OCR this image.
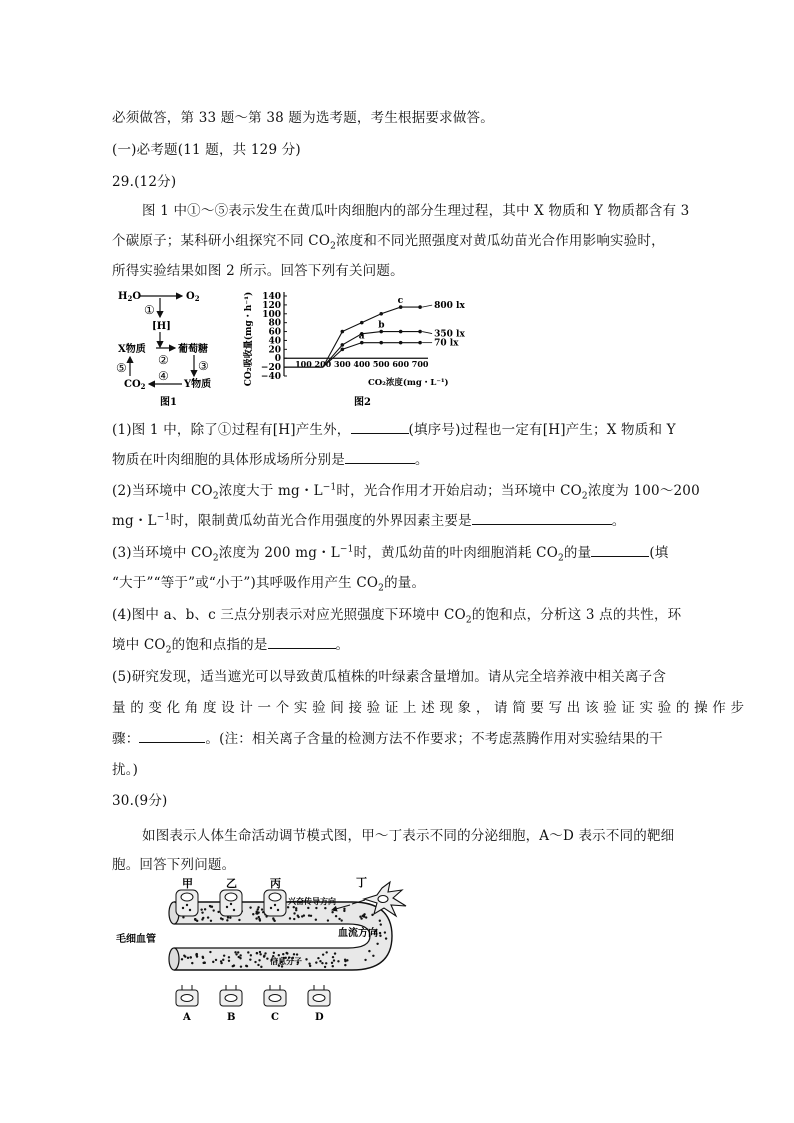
必须做答，第 33 题～第 38 题为选考题，考生根据要求做答。
(一)必考题(11 题，共 129 分)
29.(12分)
图 1 中①～⑤表示发生在黄瓜叶肉细胞内的部分生理过程，其中 X 物质和 Y 物质都含有 3
个碳原子；某科研小组探究不同 $CO_2$浓度和不同光照强度对黄瓜幼苗光合作用影响实验时，
所得实验结果如图 2 所示。回答下列有关问题。
$H_2O$	$O_2$
①
[H]
X物质	葡萄糖
② ③
⑤
④
$CO_2$	Y物质
图1
CO₂吸收量(mg・h⁻¹) 140
120
100
80
60
40
20
0
−20
−40
100 200 300 400 500 600 700
c
b
a
800 lx
350 lx
70 lx
CO₂浓度(mg・L⁻¹)
图2
(1)图 1 中，除了①过程有[H]产生外，	(填序号)过程也一定有[H]产生；X 物质和 Y
物质在叶肉细胞的具体形成场所分别是	。
(2)当环境中 $CO_2$浓度大于 mg・$L^{-1}$时，光合作用才开始启动；当环境中 $CO_2$浓度为 100～200
mg・$L^{-1}$时，限制黄瓜幼苗光合作用强度的外界因素主要是	。
(3)当环境中 $CO_2$浓度为 200 mg・$L^{-1}$时，黄瓜幼苗的叶肉细胞消耗 $CO_2$的量	(填
“大于”“等于”或“小于”)其呼吸作用产生 $CO_2$的量。
(4)图中 a、b、c 三点分别表示对应光照强度下环境中 $CO_2$的饱和点，分析这 3 点的共性，环
境中 $CO_2$的饱和点指的是	。
(5)研究发现，适当遮光可以导致黄瓜植株的叶绿素含量增加。请从完全培养液中相关离子含
量 的 变 化 角 度 设 计 一 个 实 验 间 接 验 证 上 述 现 象 ， 请 简 要 写 出 该 验 证 实 验 的 操 作 步
骤：	。(注：相关离子含量的检测方法不作要求；不考虑蒸腾作用对实验结果的干
扰。)
30.(9分)
如图表示人体生命活动调节模式图，甲～丁表示不同的分泌细胞，A～D 表示不同的靶细
胞。回答下列问题。
甲	乙	丙	丁
兴奋传导方向
毛细血管
血流方向
信息分子
A	B	C	D
